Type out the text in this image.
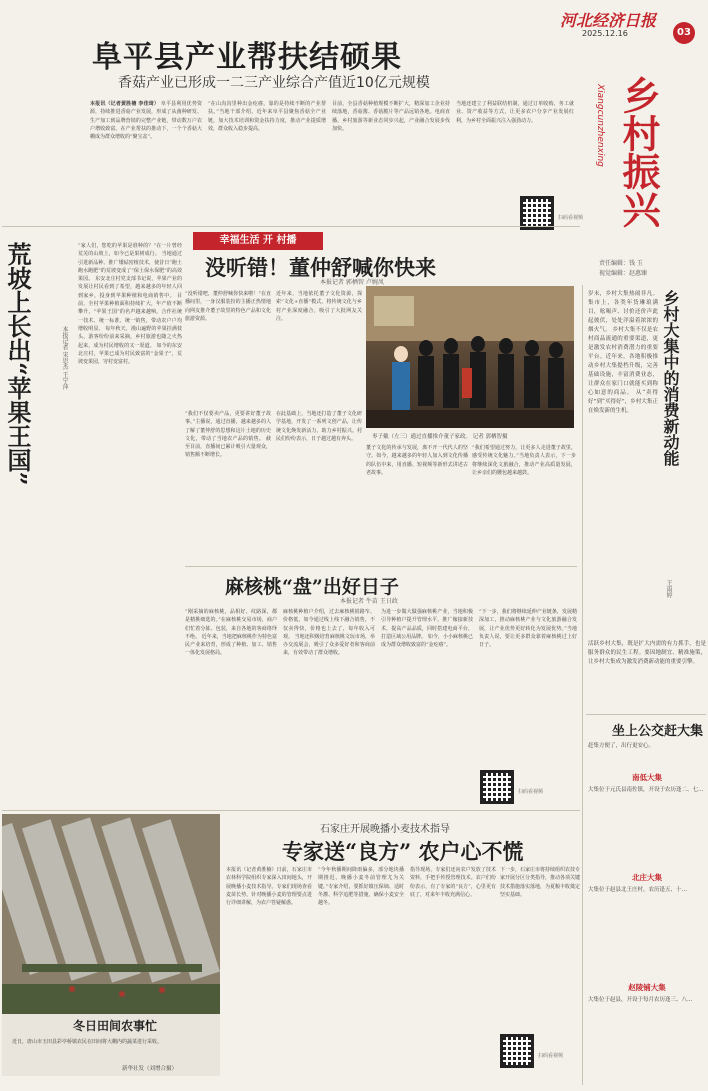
河北经济日报
2025.12.16	03
阜平县产业帮扶结硕果
香菇产业已形成一二三产业综合产值近10亿元规模	乡村振兴
Xiangcunzhenxing
责任编辑：钱 玉
视觉编辑：赵惠臻
本报讯（记者黄胜楠 李佳琦） 阜平县利用优势资源，持续推进香菇产业发展，形成了从菌种研发、生产加工到品牌营销的完整产业链，带动数万户农户增收致富。在产业帮扶的推动下，一个个香菇大棚成为群众增收的“聚宝盆”。
“在山沟沟里种出金疙瘩，靠的是持续不断的产业帮扶。”当地干部介绍，近年来阜平县聚焦香菇全产业链，加大技术培训和资金扶持力度，推动产业提质增效，群众收入稳步提高。
目前，全县香菇种植规模不断扩大，精深加工企业持续落地，香菇酱、香菇脆片等产品远销各地。电商直播、乡村旅游等新业态同步兴起，产业融合发展步伐加快。
当地还建立了利益联结机制，通过订单收购、务工就业、资产收益等方式，让更多农户分享产业发展红利，为乡村全面振兴注入强劲动力。
扫码看视频
幸福生活 开 村播
荒坡上长出“苹果王国”	本报记者 宋思杰 王宁萍
“家人们，您吃的苹果是谁种的？”在一片曾经荒芜的山坡上，如今已是果树成行。 当地通过引进新品种、推广矮砧密植技术，使昔日“跑土跑水跑肥”的荒坡变成了“保土保水保肥”的高效果园。 东安北庄村党支部书记说，苹果产业的发展让村民看到了希望，越来越多的年轻人回到家乡，投身到苹果种植和电商销售中。 目前，全村苹果种植面积持续扩大，年产值不断攀升，“苹果王国”的名声越来越响。合作社统一技术、统一标准、统一销售，带动农户户均增收明显。 每年秋天，漫山遍野的苹果挂满枝头，游客纷纷前来采摘，乡村旅游也随之火热起来，成为村民增收的又一渠道。 如今的东安北庄村，苹果已成为村民致富的“金果子”，荒坡变果园，穷村变富村。
没听错！董仲舒喊你快来
本报记者 郭栖智 卢婉凤
“没听错吧，董仲舒喊你快来啦！”在直播间里，一身汉服装扮的主播正热情地向网友推介董子故里的特色产品和文化旅游资源。
近年来，当地依托董子文化资源，探索“文化+直播”模式，将传统文化与乡村产业深度融合，吸引了大批网友关注。
枣子戴（左三）通过直播推介董子家政。 记者 郭栖智摄
“我们不仅要卖产品，更要讲好董子故事。”主播说，通过直播，越来越多的人了解了董仲舒的思想和这片土地的历史文化，带动了当地农产品的销售。 截至目前，直播间已累计吸引大量观众，销售额不断增长。
在此基础上，当地还打造了董子文化研学基地，开发了一系列文创产品，让传统文化焕发新活力，助力乡村振兴。村民们纷纷表示，日子越过越有奔头。
董子文化的传承与发展，离不开一代代人的坚守。如今，越来越多的年轻人加入到文化传播的队伍中来，用直播、短视频等新形式讲述古老故事。
“我们希望通过努力，让更多人走进董子故里，感受传统文化魅力。”当地负责人表示，下一步将继续深化文旅融合，推动产业高质量发展，让乡亲们的腰包越来越鼓。
麻核桃“盘”出好日子
本报记者 牛苗 王日政
“刚采摘的麻核桃，品相好、纹路深，都是精挑细选的。”在麻核桃交易市场，商户们忙着分拣、包装，来自各地的客商络绎不绝。 近年来，当地把麻核桃作为特色富民产业来培育，形成了种植、加工、销售一体化发展格局。
麻核桃种植户介绍，过去麻核桃销路窄、价格低，如今通过线上线下融合销售，不仅卖得快，价格也上去了，每年收入可观。 当地还积极培育麻核桃文玩市场，举办交流展会，吸引了众多爱好者和客商前来，有效带动了群众增收。
为进一步做大做强麻核桃产业，当地积极引导种植户提升管理水平，推广嫁接新技术，提高产品品质，同时搭建电商平台，打造区域公用品牌。 如今，小小麻核桃已成为群众增收致富的“金疙瘩”。
“下一步，我们将继续延伸产业链条，发展精深加工，推动麻核桃产业与文化旅游融合发展，让产业优势更好转化为发展优势。”当地负责人说，要让更多群众靠着麻核桃过上好日子。
扫码看视频
冬日田间农事忙
近日，唐山市玉田县彩亭桥镇农民在田间将大棚内的蔬菜进行采收。
新华社发（刘增合摄）
石家庄开展晚播小麦技术指导
专家送“良方” 农户心不慌
本报讯（记者黄胜楠）日前，石家庄市农林科学院组织专家深入田间地头，开展晚播小麦技术指导。专家们现场查看麦苗长势，针对晚播小麦的管理要点进行详细讲解，为农户答疑解惑。
“今年秋播期间降雨偏多，部分地块播期推迟，晚播小麦冬前管理尤为关键。”专家介绍，要抓好镇压保墒、适时冬灌、科学追肥等措施，确保小麦安全越冬。
指导现场，专家们还向农户发放了技术资料，手把手传授管理技术。农户们纷纷表示，有了专家的“良方”，心里更有底了，对来年丰收充满信心。
下一步，石家庄市将持续组织农技专家开展分区分类指导，推动各项关键技术措施落实落地，为夏粮丰收奠定坚实基础。
扫码看视频
岁末，乡村大集热闹非凡。集市上，各类年货琳琅满目，吆喝声、讨价还价声此起彼伏，处处洋溢着浓浓的烟火气。 乡村大集不仅是农村商品流通的重要渠道，更是激发农村消费潜力的重要平台。近年来，各地积极推动乡村大集提档升级，完善基础设施，丰富消费业态，让群众在家门口就能买到称心如意的商品。 从“卖得好”到“买得好”，乡村大集正在焕发新的生机。	乡村大集中的消费新动能
王雨婷
活跃乡村大集，既是扩大内需的有力抓手，也是服务群众的民生工程。要因地制宜、精准施策，让乡村大集成为激发消费新动能的重要引擎。
坐上公交赶大集
赶集方便了，出行更安心。
南低大集
大集位于元氏县南佐镇，开设于农历逢二、七…
北庄大集
大集位于赵县北王庄村，农历逢五、十…
赵陵铺大集
大集位于赵县，开设于每月农历逢三、八…
